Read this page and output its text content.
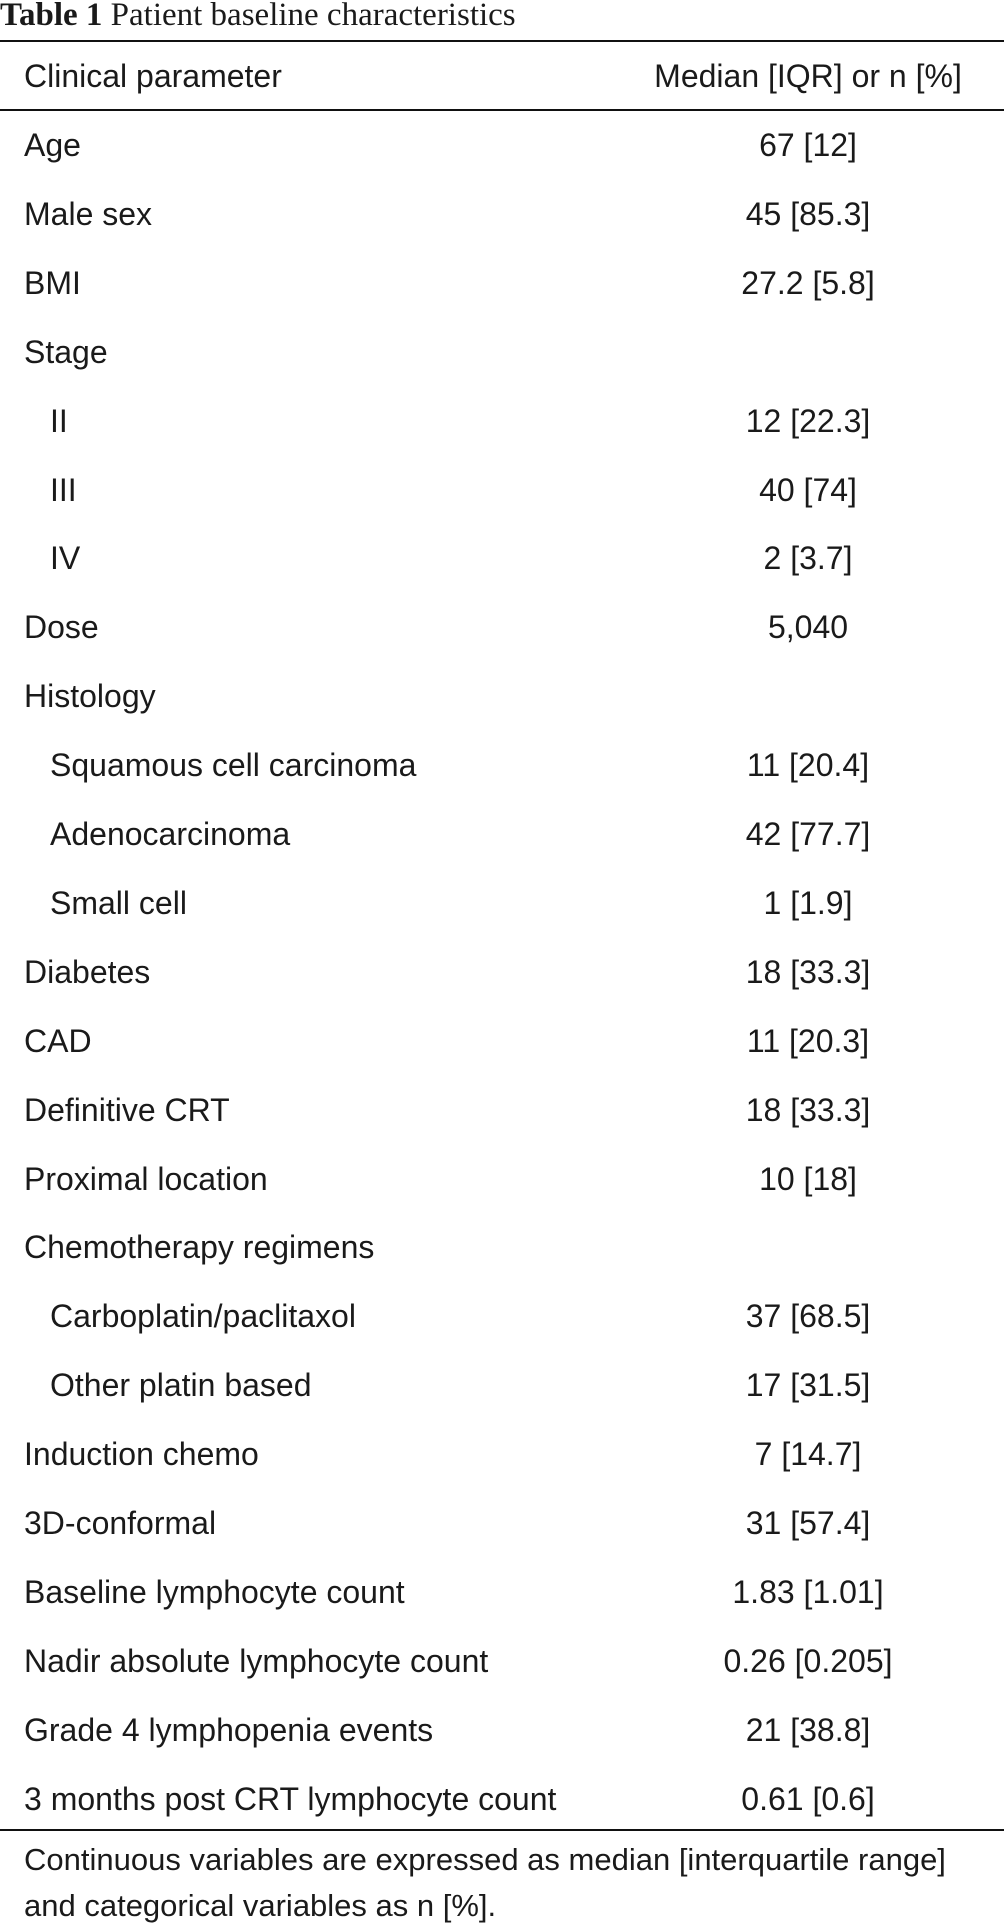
Table 1 Patient baseline characteristics
Clinical parameter	Median [IQR] or n [%]
Age	67 [12]
Male sex	45 [85.3]
BMI	27.2 [5.8]
Stage
II	12 [22.3]
III	40 [74]
IV	2 [3.7]
Dose	5,040
Histology
Squamous cell carcinoma	11 [20.4]
Adenocarcinoma	42 [77.7]
Small cell	1 [1.9]
Diabetes	18 [33.3]
CAD	11 [20.3]
Definitive CRT	18 [33.3]
Proximal location	10 [18]
Chemotherapy regimens
Carboplatin/paclitaxol	37 [68.5]
Other platin based	17 [31.5]
Induction chemo	7 [14.7]
3D-conformal	31 [57.4]
Baseline lymphocyte count	1.83 [1.01]
Nadir absolute lymphocyte count	0.26 [0.205]
Grade 4 lymphopenia events	21 [38.8]
3 months post CRT lymphocyte count	0.61 [0.6]
Continuous variables are expressed as median [interquartile range] and categorical variables as n [%].
